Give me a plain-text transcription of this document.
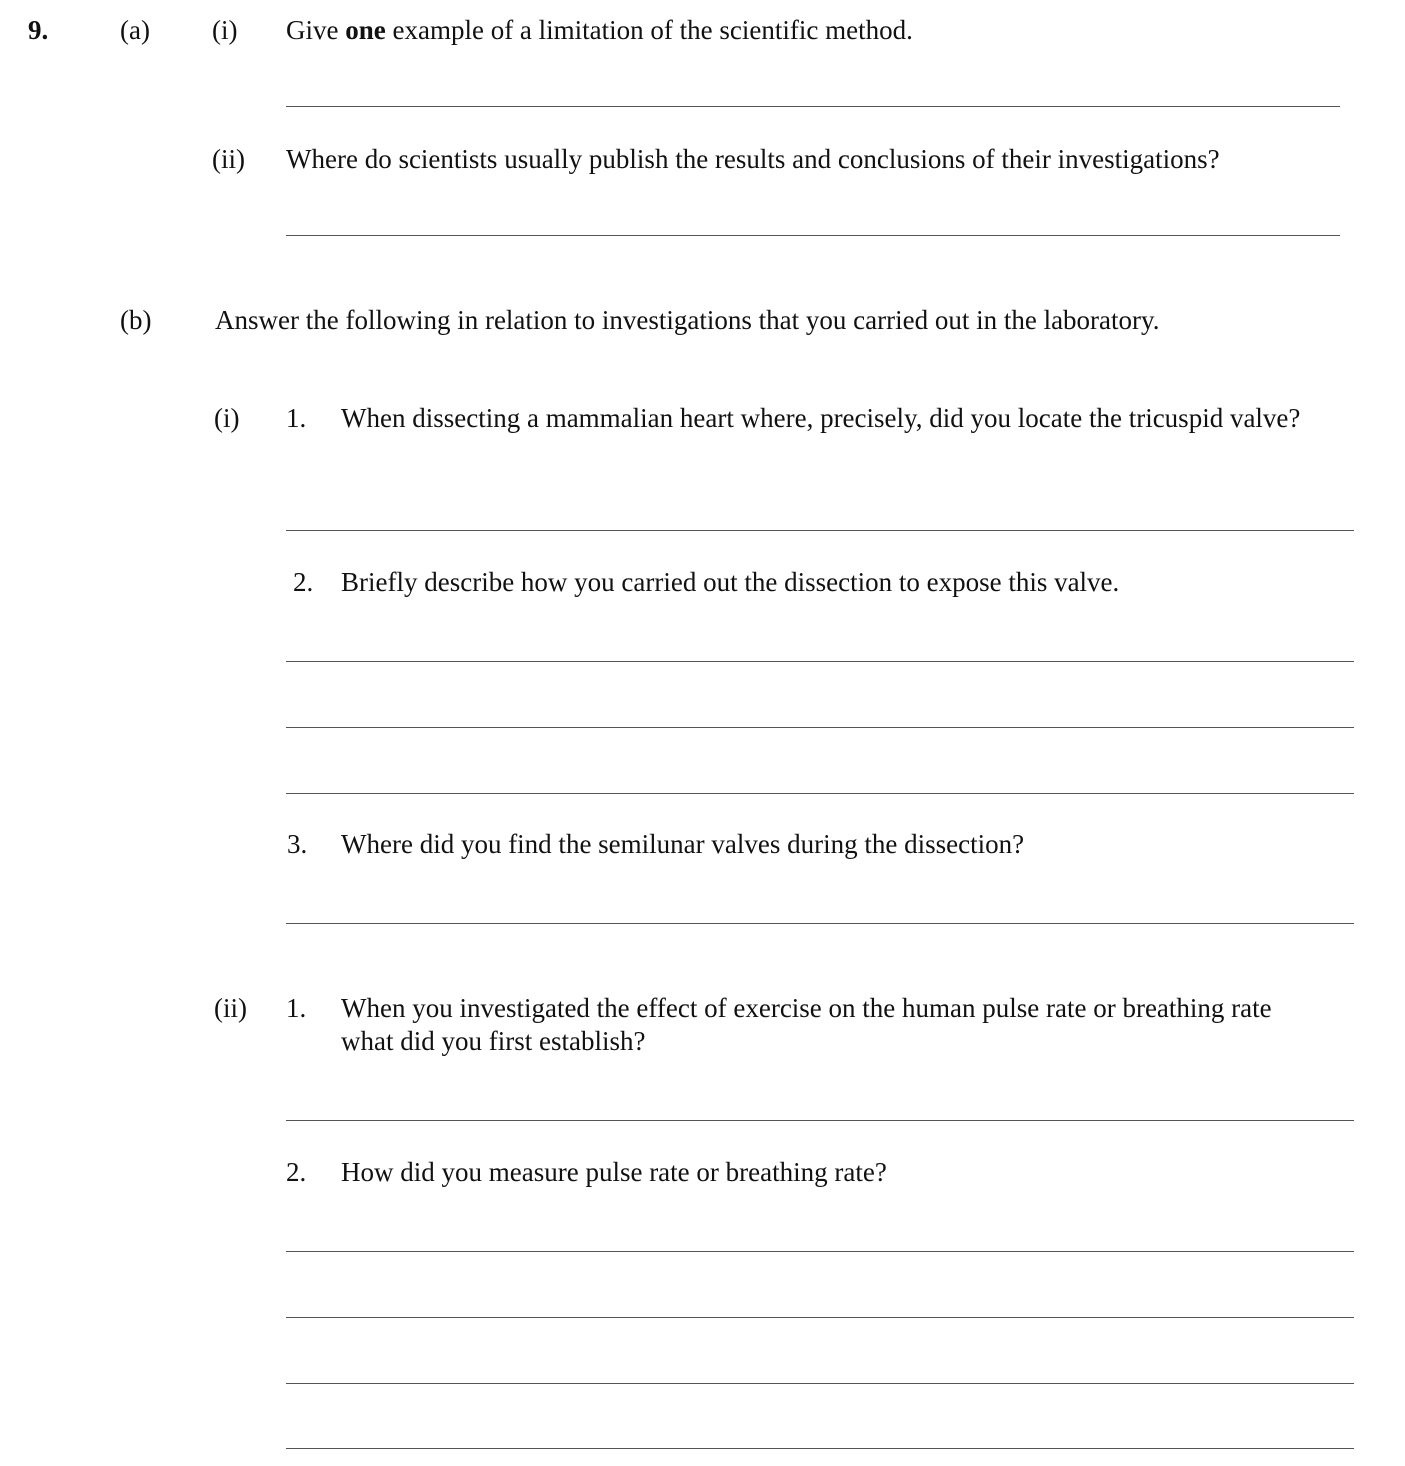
9.	(a) (i) Give one example of a limitation of the scientific method.
(ii) Where do scientists usually publish the results and conclusions of their investigations?
(b) Answer the following in relation to investigations that you carried out in the laboratory.
(i) 1. When dissecting a mammalian heart where, precisely, did you locate the tricuspid valve?
2. Briefly describe how you carried out the dissection to expose this valve.
3. Where did you find the semilunar valves during the dissection?
(ii) 1. When you investigated the effect of exercise on the human pulse rate or breathing rate what did you first establish?
2. How did you measure pulse rate or breathing rate?
